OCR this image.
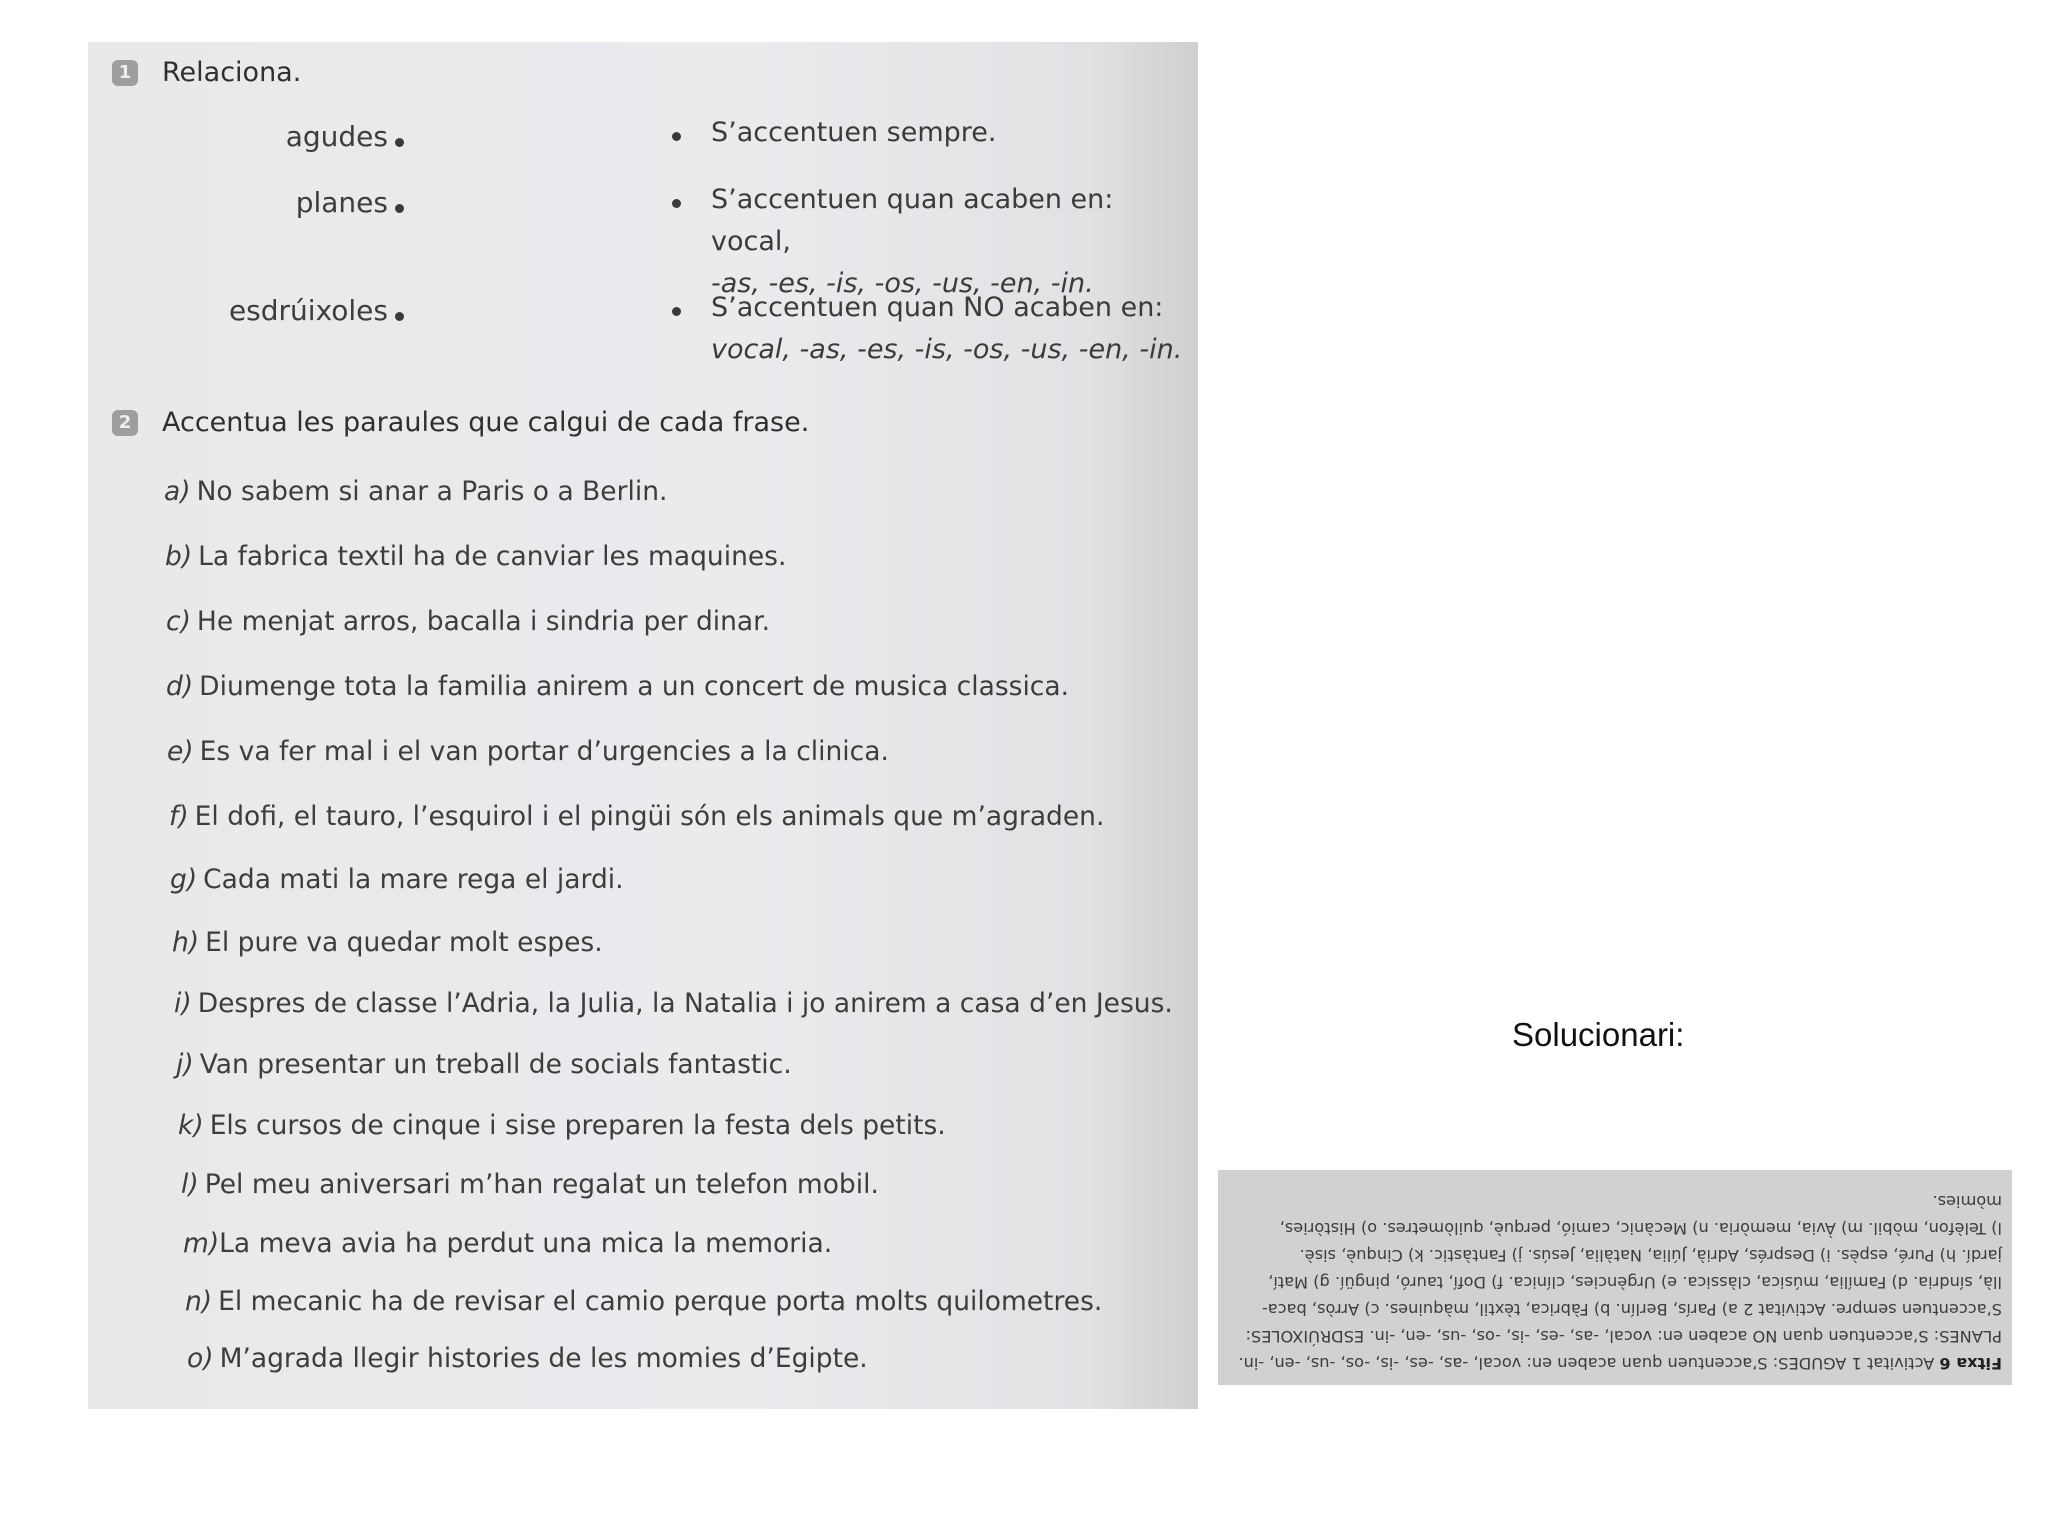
1 Relaciona.
agudes
planes
esdrúixoles
S’accentuen sempre.
S’accentuen quan acaben en: vocal,
-as, -es, -is, -os, -us, -en, -in.
S’accentuen quan NO acaben en:
vocal, -as, -es, -is, -os, -us, -en, -in.
2 Accentua les paraules que calgui de cada frase.
a) No sabem si anar a Paris o a Berlin.
b) La fabrica textil ha de canviar les maquines.
c) He menjat arros, bacalla i sindria per dinar.
d) Diumenge tota la familia anirem a un concert de musica classica.
e) Es va fer mal i el van portar d’urgencies a la clinica.
f) El dofi, el tauro, l’esquirol i el pingüi són els animals que m’agraden.
g) Cada mati la mare rega el jardi.
h) El pure va quedar molt espes.
i) Despres de classe l’Adria, la Julia, la Natalia i jo anirem a casa d’en Jesus.
j) Van presentar un treball de socials fantastic.
k) Els cursos de cinque i sise preparen la festa dels petits.
l) Pel meu aniversari m’han regalat un telefon mobil.
m)La meva avia ha perdut una mica la memoria.
n) El mecanic ha de revisar el camio perque porta molts quilometres.
o) M’agrada llegir histories de les momies d’Egipte.
Solucionari:
Fitxa 6 Activitat 1 AGUDES: S’accentuen quan acaben en: vocal, -as, -es, -is, -os, -us, -en, -in.
PLANES: S’accentuen quan NO acaben en: vocal, -as, -es, -is, -os, -us, -en, -in. ESDRÚIXOLES:
S’accentuen sempre. Activitat 2 a) París, Berlín. b) Fàbrica, tèxtil, màquines. c) Arròs, baca-
llà, síndria. d) Família, música, clàssica. e) Urgències, clínica. f) Dofí, tauró, pingüí. g) Matí,
jardí. h) Puré, espès. i) Després, Adrià, Júlia, Natàlia, Jesús. j) Fantàstic. k) Cinquè, sisè.
l) Telèfon, mòbil. m) Àvia, memòria. n) Mecànic, camió, perquè, quilòmetres. o) Històries,
mòmies.
